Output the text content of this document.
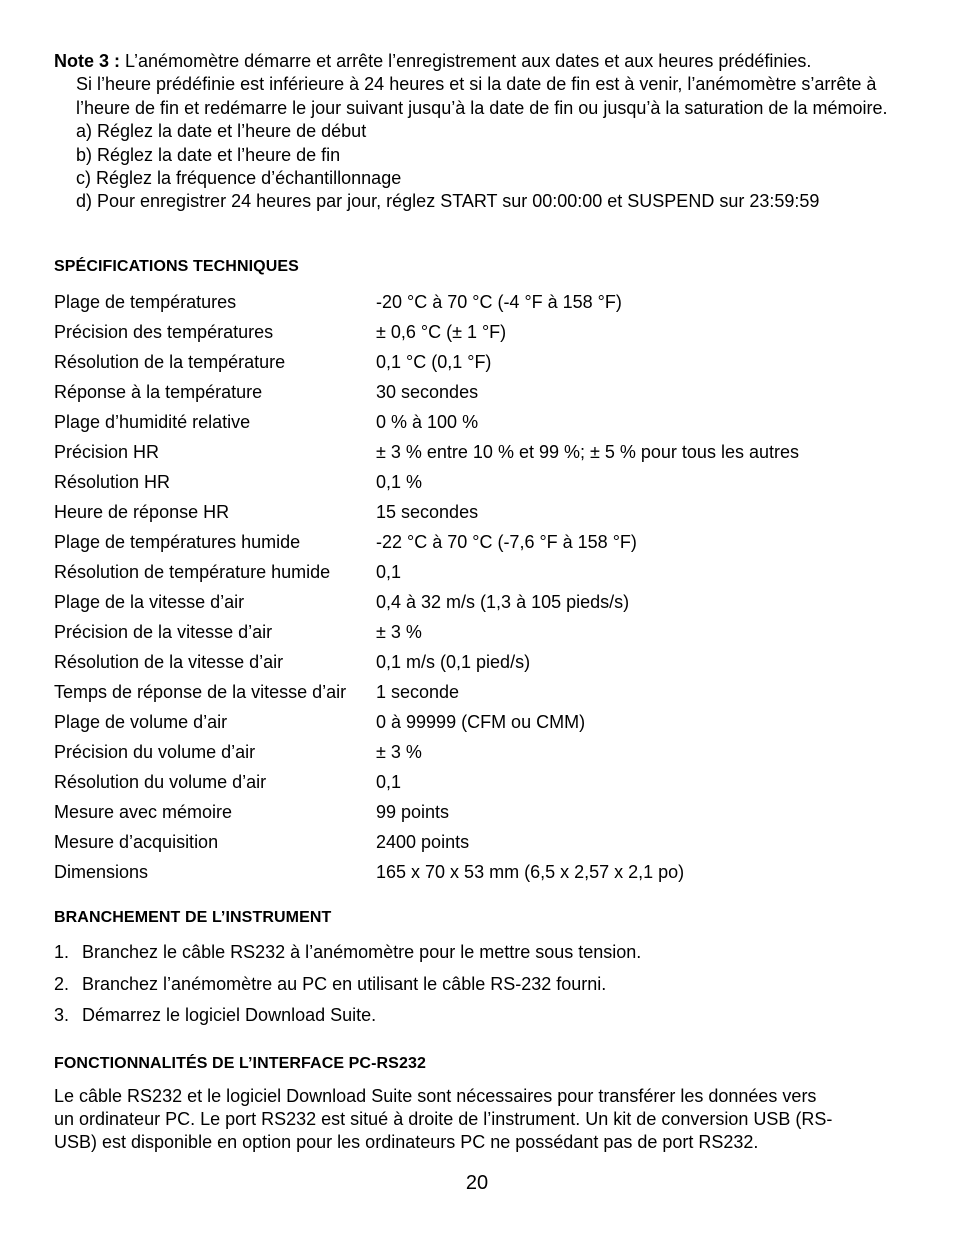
Note 3 : L’anémomètre démarre et arrête l’enregistrement aux dates et aux heures prédéfinies.
Si l’heure prédéfinie est inférieure à 24 heures et si la date de fin est à venir, l’anémomètre s’arrête à l’heure de fin et redémarre le jour suivant jusqu’à la date de fin ou jusqu’à la saturation de la mémoire.
a) Réglez la date et l’heure de début
b) Réglez la date et l’heure de fin
c) Réglez la fréquence d’échantillonnage
d) Pour enregistrer 24 heures par jour, réglez START sur 00:00:00 et SUSPEND sur 23:59:59
SPÉCIFICATIONS TECHNIQUES
Plage de températures	-20 °C à 70 °C (-4 °F à 158 °F)
Précision des températures	± 0,6 °C (± 1 °F)
Résolution de la température	0,1 °C (0,1 °F)
Réponse à la température	30 secondes
Plage d’humidité relative	0 % à 100 %
Précision HR	± 3 % entre 10 % et 99 %; ± 5 % pour tous les autres
Résolution HR	0,1 %
Heure de réponse HR	15 secondes
Plage de températures humide	-22 °C à 70 °C (-7,6 °F à 158 °F)
Résolution de température humide	0,1
Plage de la vitesse d’air	0,4 à 32 m/s (1,3 à 105 pieds/s)
Précision de la vitesse d’air	± 3 %
Résolution de la vitesse d’air	0,1 m/s (0,1 pied/s)
Temps de réponse de la vitesse d’air	1 seconde
Plage de volume d’air	0 à 99999 (CFM ou CMM)
Précision du volume d’air	± 3 %
Résolution du volume d’air	0,1
Mesure avec mémoire	99 points
Mesure d’acquisition	2400 points
Dimensions	165 x 70 x 53 mm (6,5 x 2,57 x 2,1 po)
BRANCHEMENT DE L’INSTRUMENT
1. Branchez le câble RS232 à l’anémomètre pour le mettre sous tension.
2. Branchez l’anémomètre au PC en utilisant le câble RS-232 fourni.
3. Démarrez le logiciel Download Suite.
FONCTIONNALITÉS DE L’INTERFACE PC-RS232
Le câble RS232 et le logiciel Download Suite sont nécessaires pour transférer les données vers
un ordinateur PC. Le port RS232 est situé à droite de l’instrument. Un kit de conversion USB (RS-
USB) est disponible en option pour les ordinateurs PC ne possédant pas de port RS232.
20
